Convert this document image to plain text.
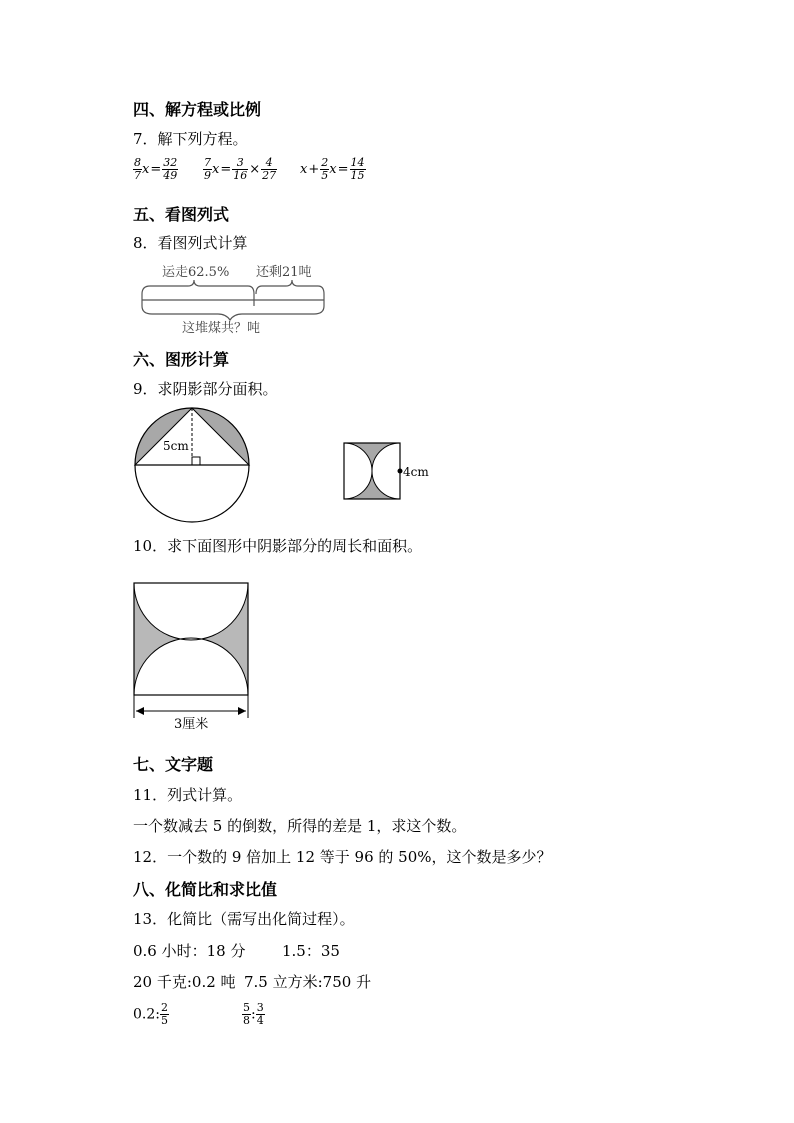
四、解方程或比例
7．解下列方程。
$\frac{8}{7} x= \frac{32}{49} \frac{7}{9} x= \frac{3}{16} \times \frac{4}{27} x+ \frac{2}{5} x= \frac{14}{15}$
五、看图列式
8．看图列式计算
运走62.5% 还剩21吨
这堆煤共？吨
六、图形计算
9．求阴影部分面积。
5cm
4cm
10．求下面图形中阴影部分的周长和面积。
3厘米
七、文字题
11．列式计算。
一个数减去 5 的倒数，所得的差是 1，求这个数。
12．一个数的 9 倍加上 12 等于 96 的 50%，这个数是多少？
八、化简比和求比值
13．化简比（需写出化简过程）。
0.6 小时：18 分 1.5：35
20 千克:0.2 吨 7.5 立方米:750 升
0.2: $\frac{2}{5}$	$\frac{5}{8}$ : $\frac{3}{4}$
